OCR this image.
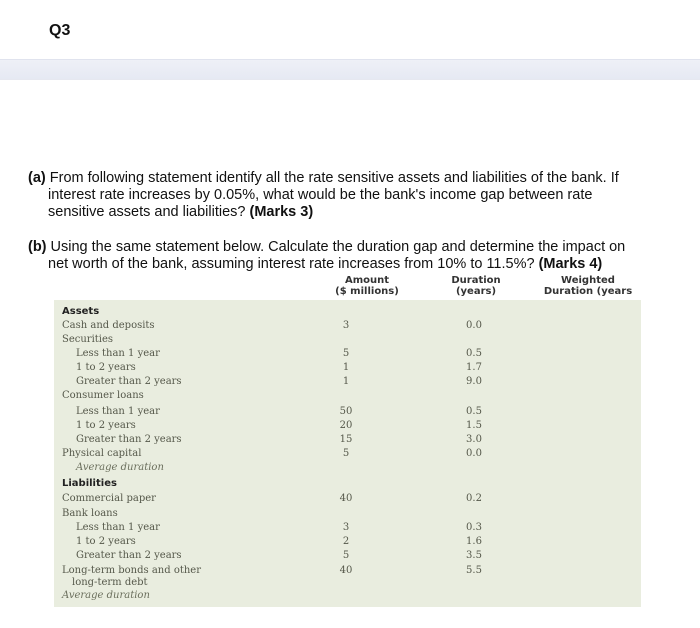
Q3
(a) From following statement identify all the rate sensitive assets and liabilities of the bank. If
interest rate increases by 0.05%, what would be the bank's income gap between rate
sensitive assets and liabilities? (Marks 3)
(b) Using the same statement below. Calculate the duration gap and determine the impact on
net worth of the bank, assuming interest rate increases from 10% to 11.5%? (Marks 4)
Amount
($ millions)
Duration
(years)
Weighted
Duration (years
Assets
Cash and deposits	3	0.0
Securities
Less than 1 year	5	0.5
1 to 2 years	1	1.7
Greater than 2 years	1	9.0
Consumer loans
Less than 1 year	50	0.5
1 to 2 years	20	1.5
Greater than 2 years	15	3.0
Physical capital	5	0.0
Average duration
Liabilities
Commercial paper	40	0.2
Bank loans
Less than 1 year	3	0.3
1 to 2 years	2	1.6
Greater than 2 years	5	3.5
Long-term bonds and other	40	5.5
long-term debt
Average duration
